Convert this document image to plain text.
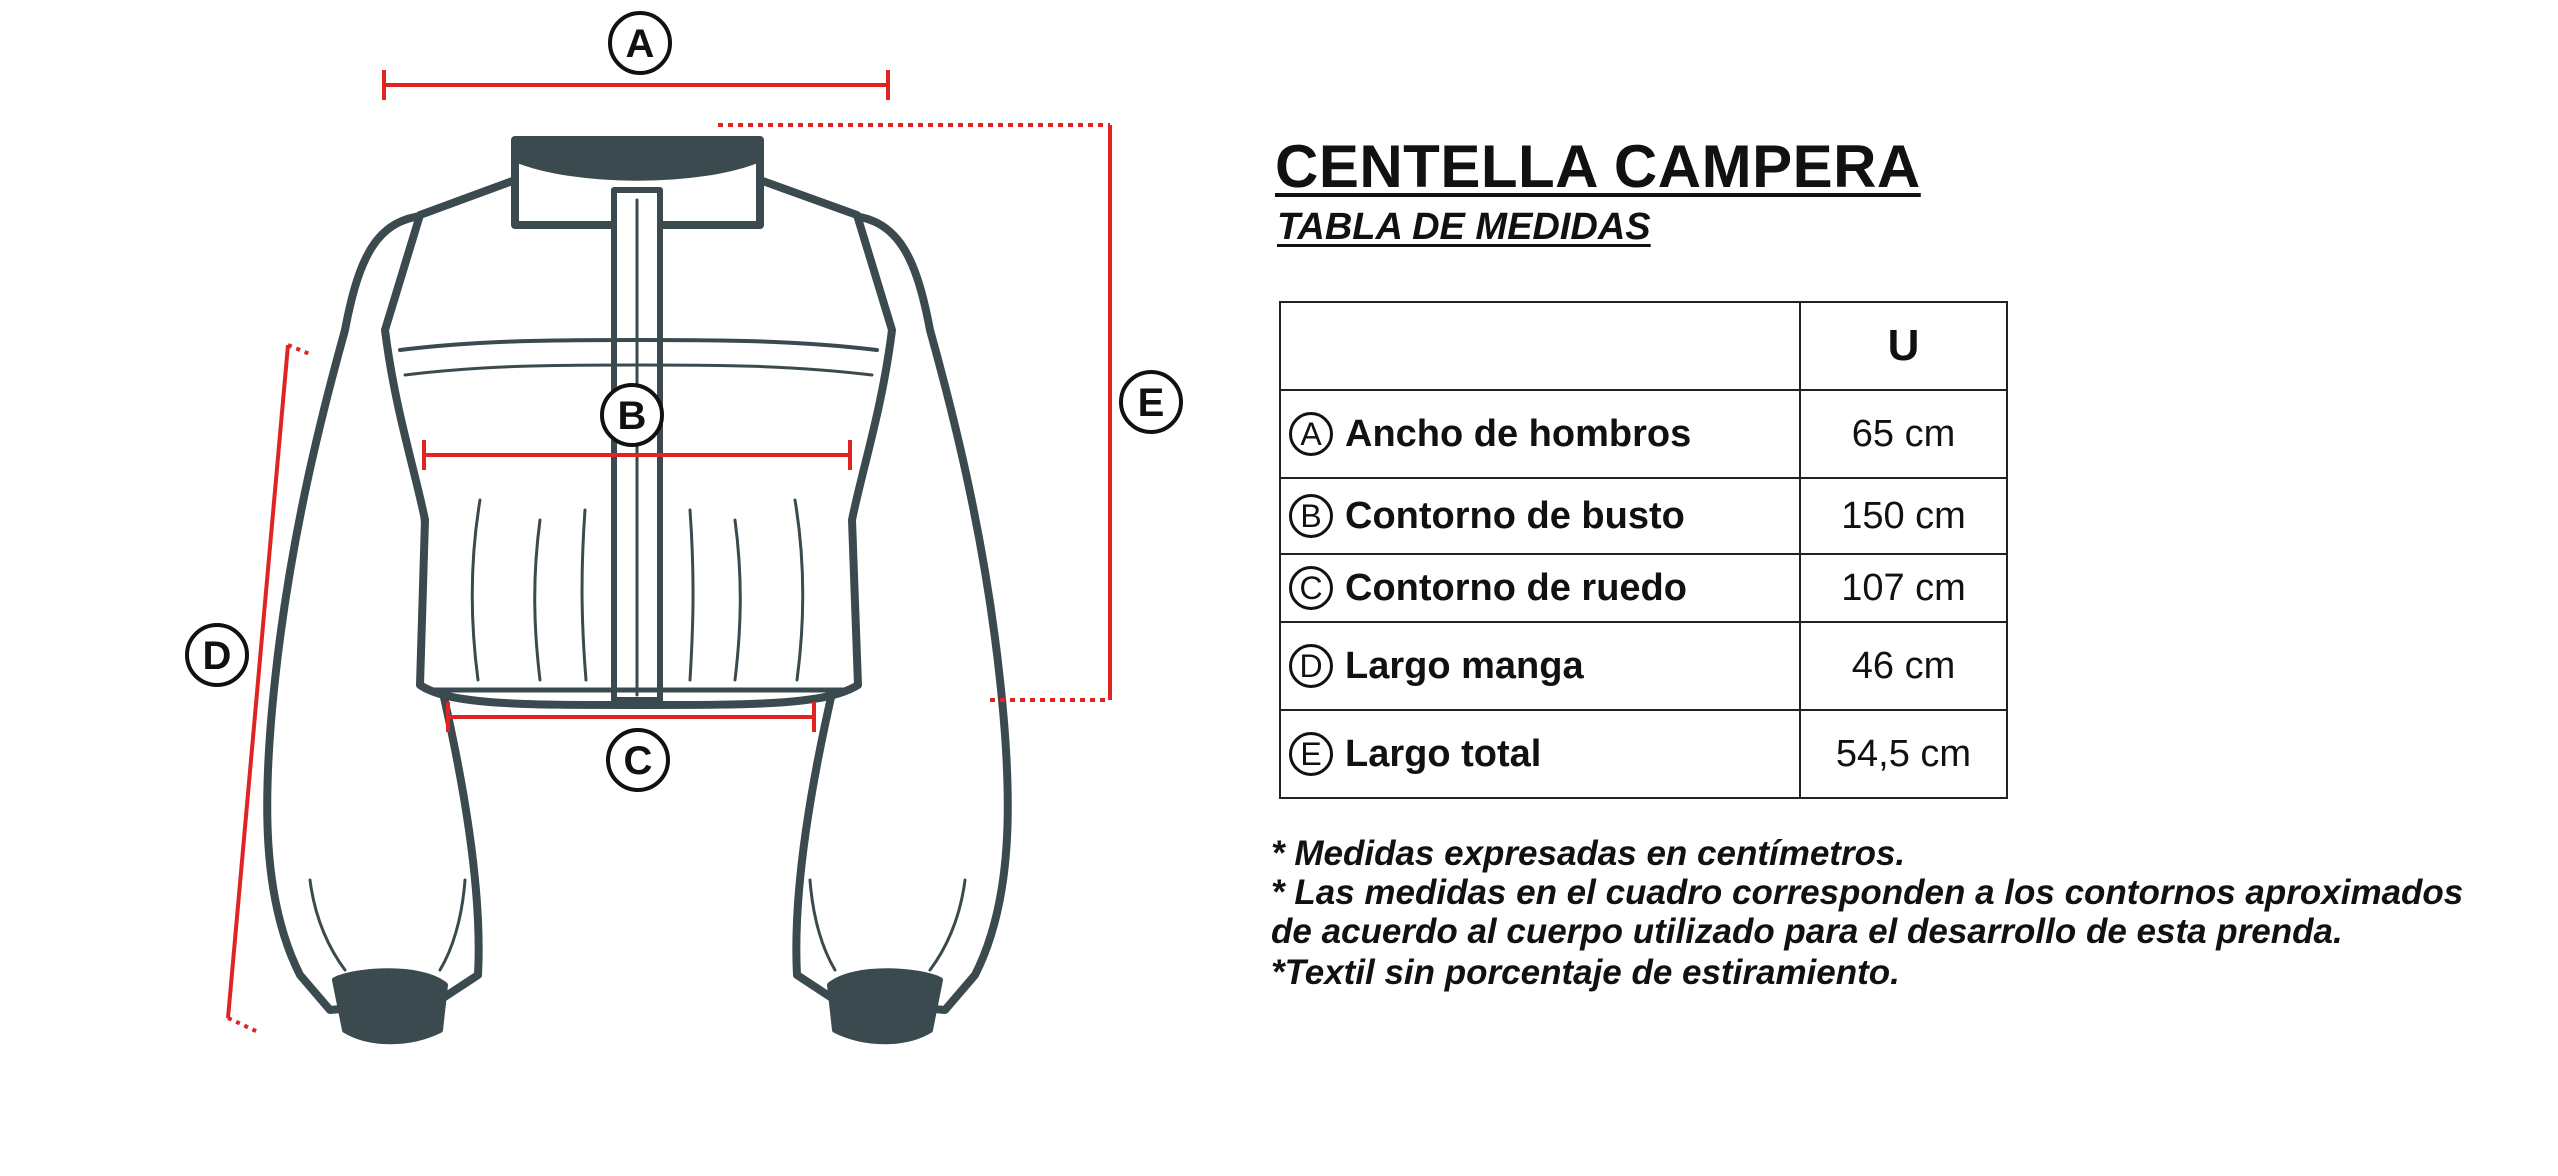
A
B
C
D
E
CENTELLA CAMPERA
TABLA DE MEDIDAS
	U

A Ancho de hombros	65 cm

B Contorno de busto	150 cm

C Contorno de ruedo	107 cm

D Largo manga	46 cm

E Largo total	54,5 cm

* Medidas expresadas en centímetros.

* Las medidas en el cuadro corresponden a los contornos aproximados de acuerdo al cuerpo utilizado para el desarrollo de esta prenda.

*Textil sin porcentaje de estiramiento.
